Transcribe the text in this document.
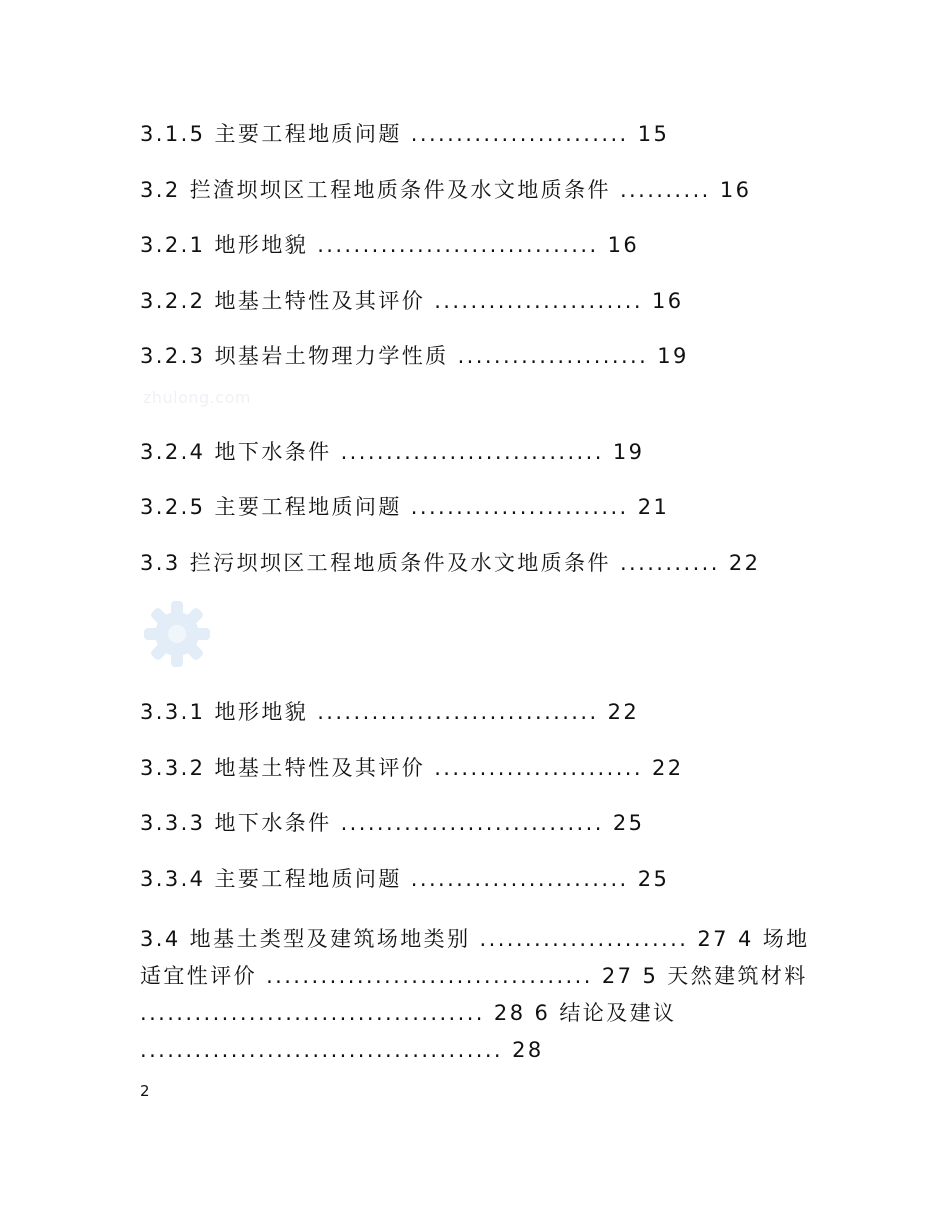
3.1.5 主要工程地质问题 ........................ 15
3.2 拦渣坝坝区工程地质条件及水文地质条件 .......... 16
3.2.1 地形地貌 ............................... 16
3.2.2 地基土特性及其评价 ....................... 16
3.2.3 坝基岩土物理力学性质 ..................... 19
zhulong.com
3.2.4 地下水条件 ............................. 19
3.2.5 主要工程地质问题 ........................ 21
3.3 拦污坝坝区工程地质条件及水文地质条件 ........... 22
3.3.1 地形地貌 ............................... 22
3.3.2 地基土特性及其评价 ....................... 22
3.3.3 地下水条件 ............................. 25
3.3.4 主要工程地质问题 ........................ 25
3.4 地基土类型及建筑场地类别 ....................... 27 4 场地适宜性评价 .................................... 27 5 天然建筑材料 ...................................... 28 6 结论及建议 ........................................ 28
2
